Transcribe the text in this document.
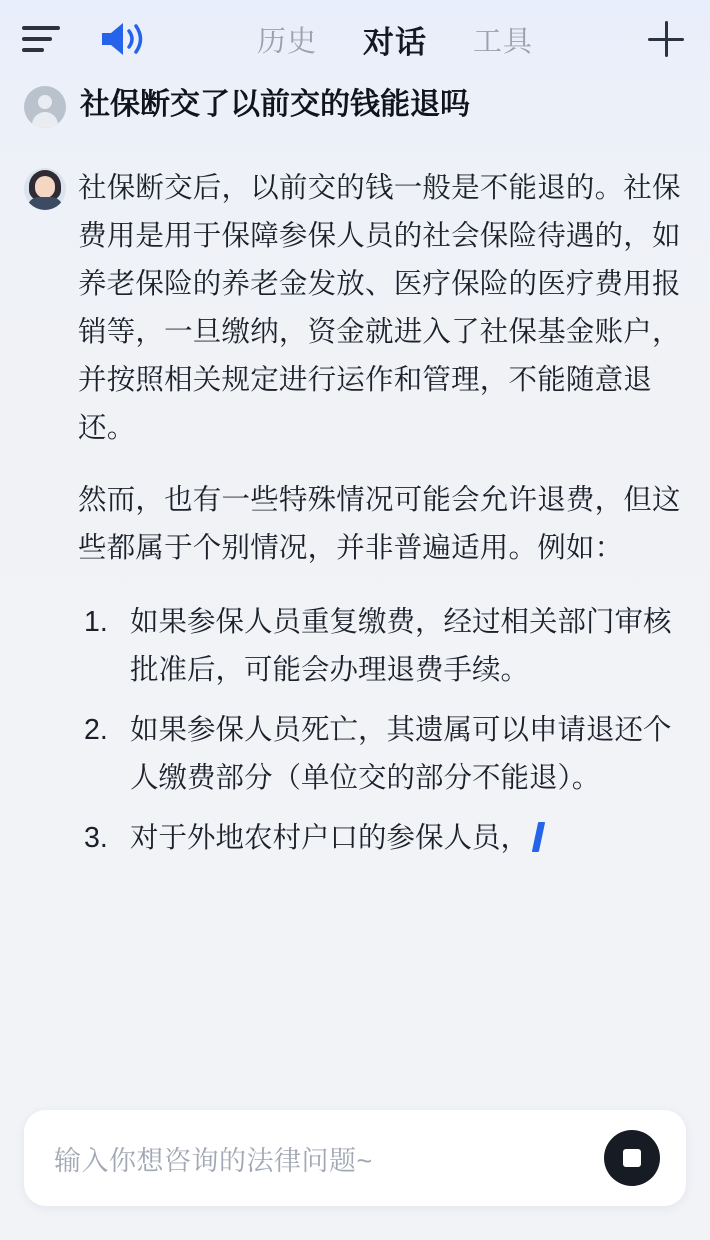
历史 对话 工具
社保断交了以前交的钱能退吗
社保断交后，以前交的钱一般是不能退的。社保费用是用于保障参保人员的社会保险待遇的，如养老保险的养老金发放、医疗保险的医疗费用报销等，一旦缴纳，资金就进入了社保基金账户，并按照相关规定进行运作和管理，不能随意退还。
然而，也有一些特殊情况可能会允许退费，但这些都属于个别情况，并非普遍适用。例如：
如果参保人员重复缴费，经过相关部门审核批准后，可能会办理退费手续。
如果参保人员死亡，其遗属可以申请退还个人缴费部分（单位交的部分不能退）。
对于外地农村户口的参保人员，
输入你想咨询的法律问题~
